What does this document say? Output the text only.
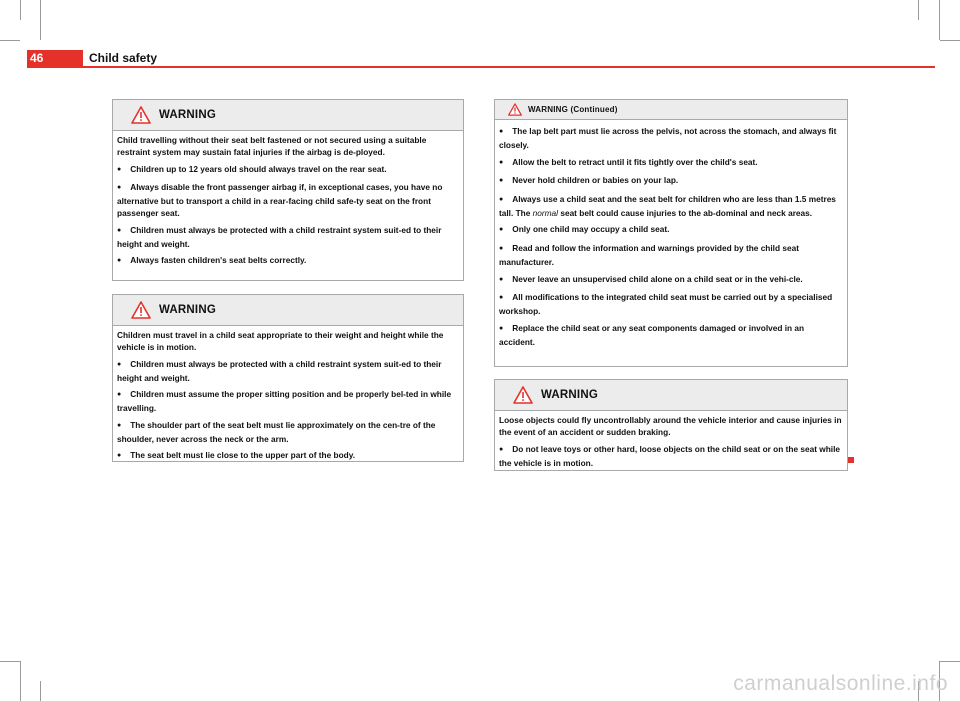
46	Child safety
WARNING

Child travelling without their seat belt fastened or not secured using a suitable restraint system may sustain fatal injuries if the airbag is de-ployed.

● Children up to 12 years old should always travel on the rear seat.

● Always disable the front passenger airbag if, in exceptional cases, you have no alternative but to transport a child in a rear-facing child safe-ty seat on the front passenger seat.

● Children must always be protected with a child restraint system suit-ed to their height and weight.

● Always fasten children's seat belts correctly.

WARNING

Children must travel in a child seat appropriate to their weight and height while the vehicle is in motion.

● Children must always be protected with a child restraint system suit-ed to their height and weight.

● Children must assume the proper sitting position and be properly bel-ted in while travelling.

● The shoulder part of the seat belt must lie approximately on the cen-tre of the shoulder, never across the neck or the arm.

● The seat belt must lie close to the upper part of the body.

WARNING (Continued)

● The lap belt part must lie across the pelvis, not across the stomach, and always fit closely.

● Allow the belt to retract until it fits tightly over the child's seat.

● Never hold children or babies on your lap.

● Always use a child seat and the seat belt for children who are less than 1.5 metres tall. The normal seat belt could cause injuries to the ab-dominal and neck areas.

● Only one child may occupy a child seat.

● Read and follow the information and warnings provided by the child seat manufacturer.

● Never leave an unsupervised child alone on a child seat or in the vehi-cle.

● All modifications to the integrated child seat must be carried out by a specialised workshop.

● Replace the child seat or any seat components damaged or involved in an accident.

WARNING

Loose objects could fly uncontrollably around the vehicle interior and cause injuries in the event of an accident or sudden braking.

● Do not leave toys or other hard, loose objects on the child seat or on the seat while the vehicle is in motion.

carmanualsonline.info
